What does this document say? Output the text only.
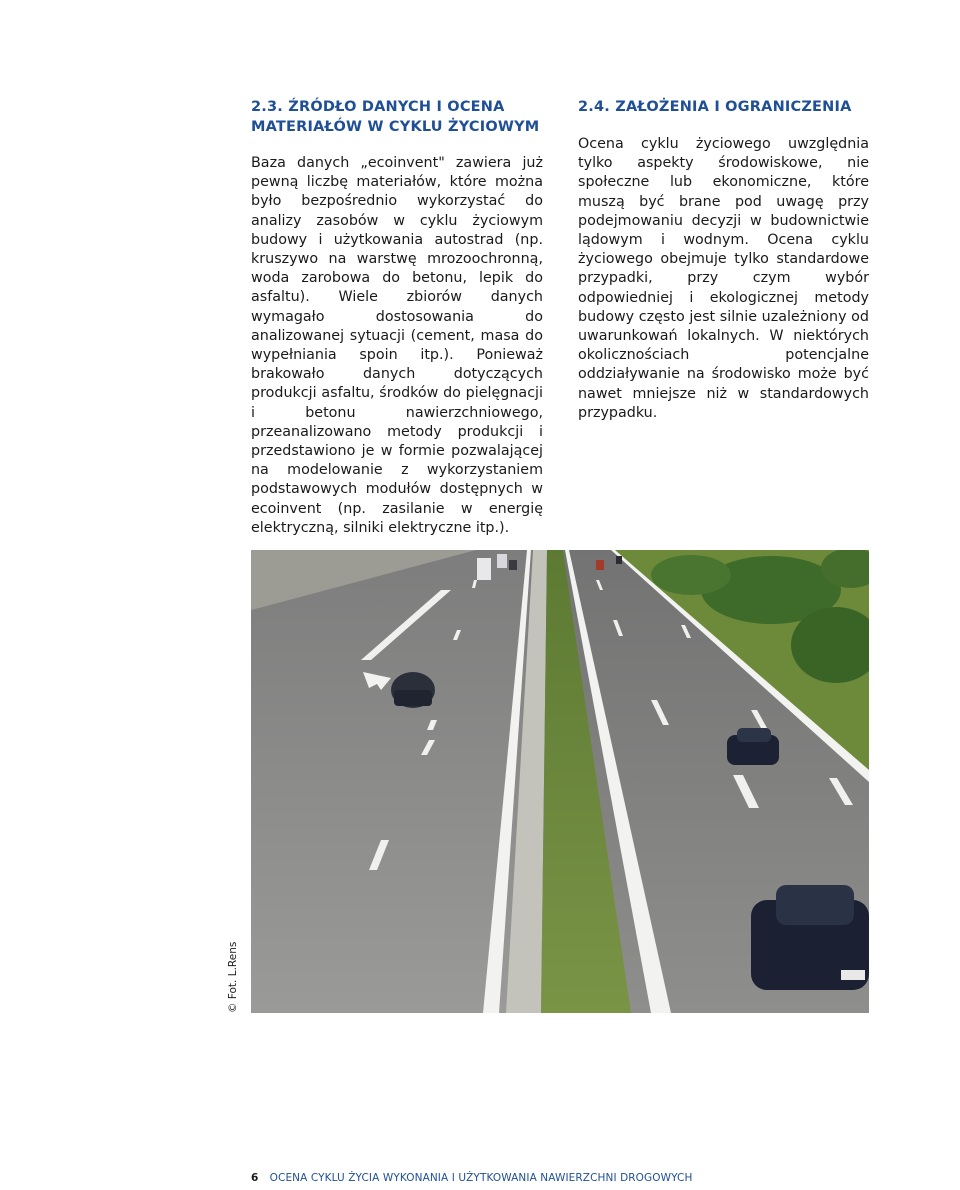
2.3. ŹRÓDŁO DANYCH I OCENA
MATERIAŁÓW W CYKLU ŻYCIOWYM

Baza danych „ecoinvent" zawiera już pewną liczbę materiałów, które można było bezpośrednio wykorzystać do analizy zasobów w cyklu życiowym budowy i użytkowania autostrad (np. kruszywo na warstwę mrozoochronną, woda zarobowa do betonu, lepik do asfaltu). Wiele zbiorów danych wymagało dostosowania do analizowanej sytuacji (cement, masa do wypełniania spoin itp.). Ponieważ brakowało danych dotyczących produkcji asfaltu, środków do pielęgnacji i betonu nawierzchniowego, przeanalizowano metody produkcji i przedstawiono je w formie pozwalającej na modelowanie z wykorzystaniem podstawowych modułów dostępnych w ecoinvent (np. zasilanie w energię elektryczną, silniki elektryczne itp.).

2.4. ZAŁOŻENIA I OGRANICZENIA

Ocena cyklu życiowego uwzględnia tylko aspekty środowiskowe, nie społeczne lub ekonomiczne, które muszą być brane pod uwagę przy podejmowaniu decyzji w budownictwie lądowym i wodnym. Ocena cyklu życiowego obejmuje tylko standardowe przypadki, przy czym wybór odpowiedniej i ekologicznej metody budowy często jest silnie uzależniony od uwarunkowań lokalnych. W niektórych okolicznościach potencjalne oddziaływanie na środowisko może być nawet mniejsze niż w standardowych przypadku.

© Fot. L.Rens
6 OCENA CYKLU ŻYCIA WYKONANIA I UŻYTKOWANIA NAWIERZCHNI DROGOWYCH
